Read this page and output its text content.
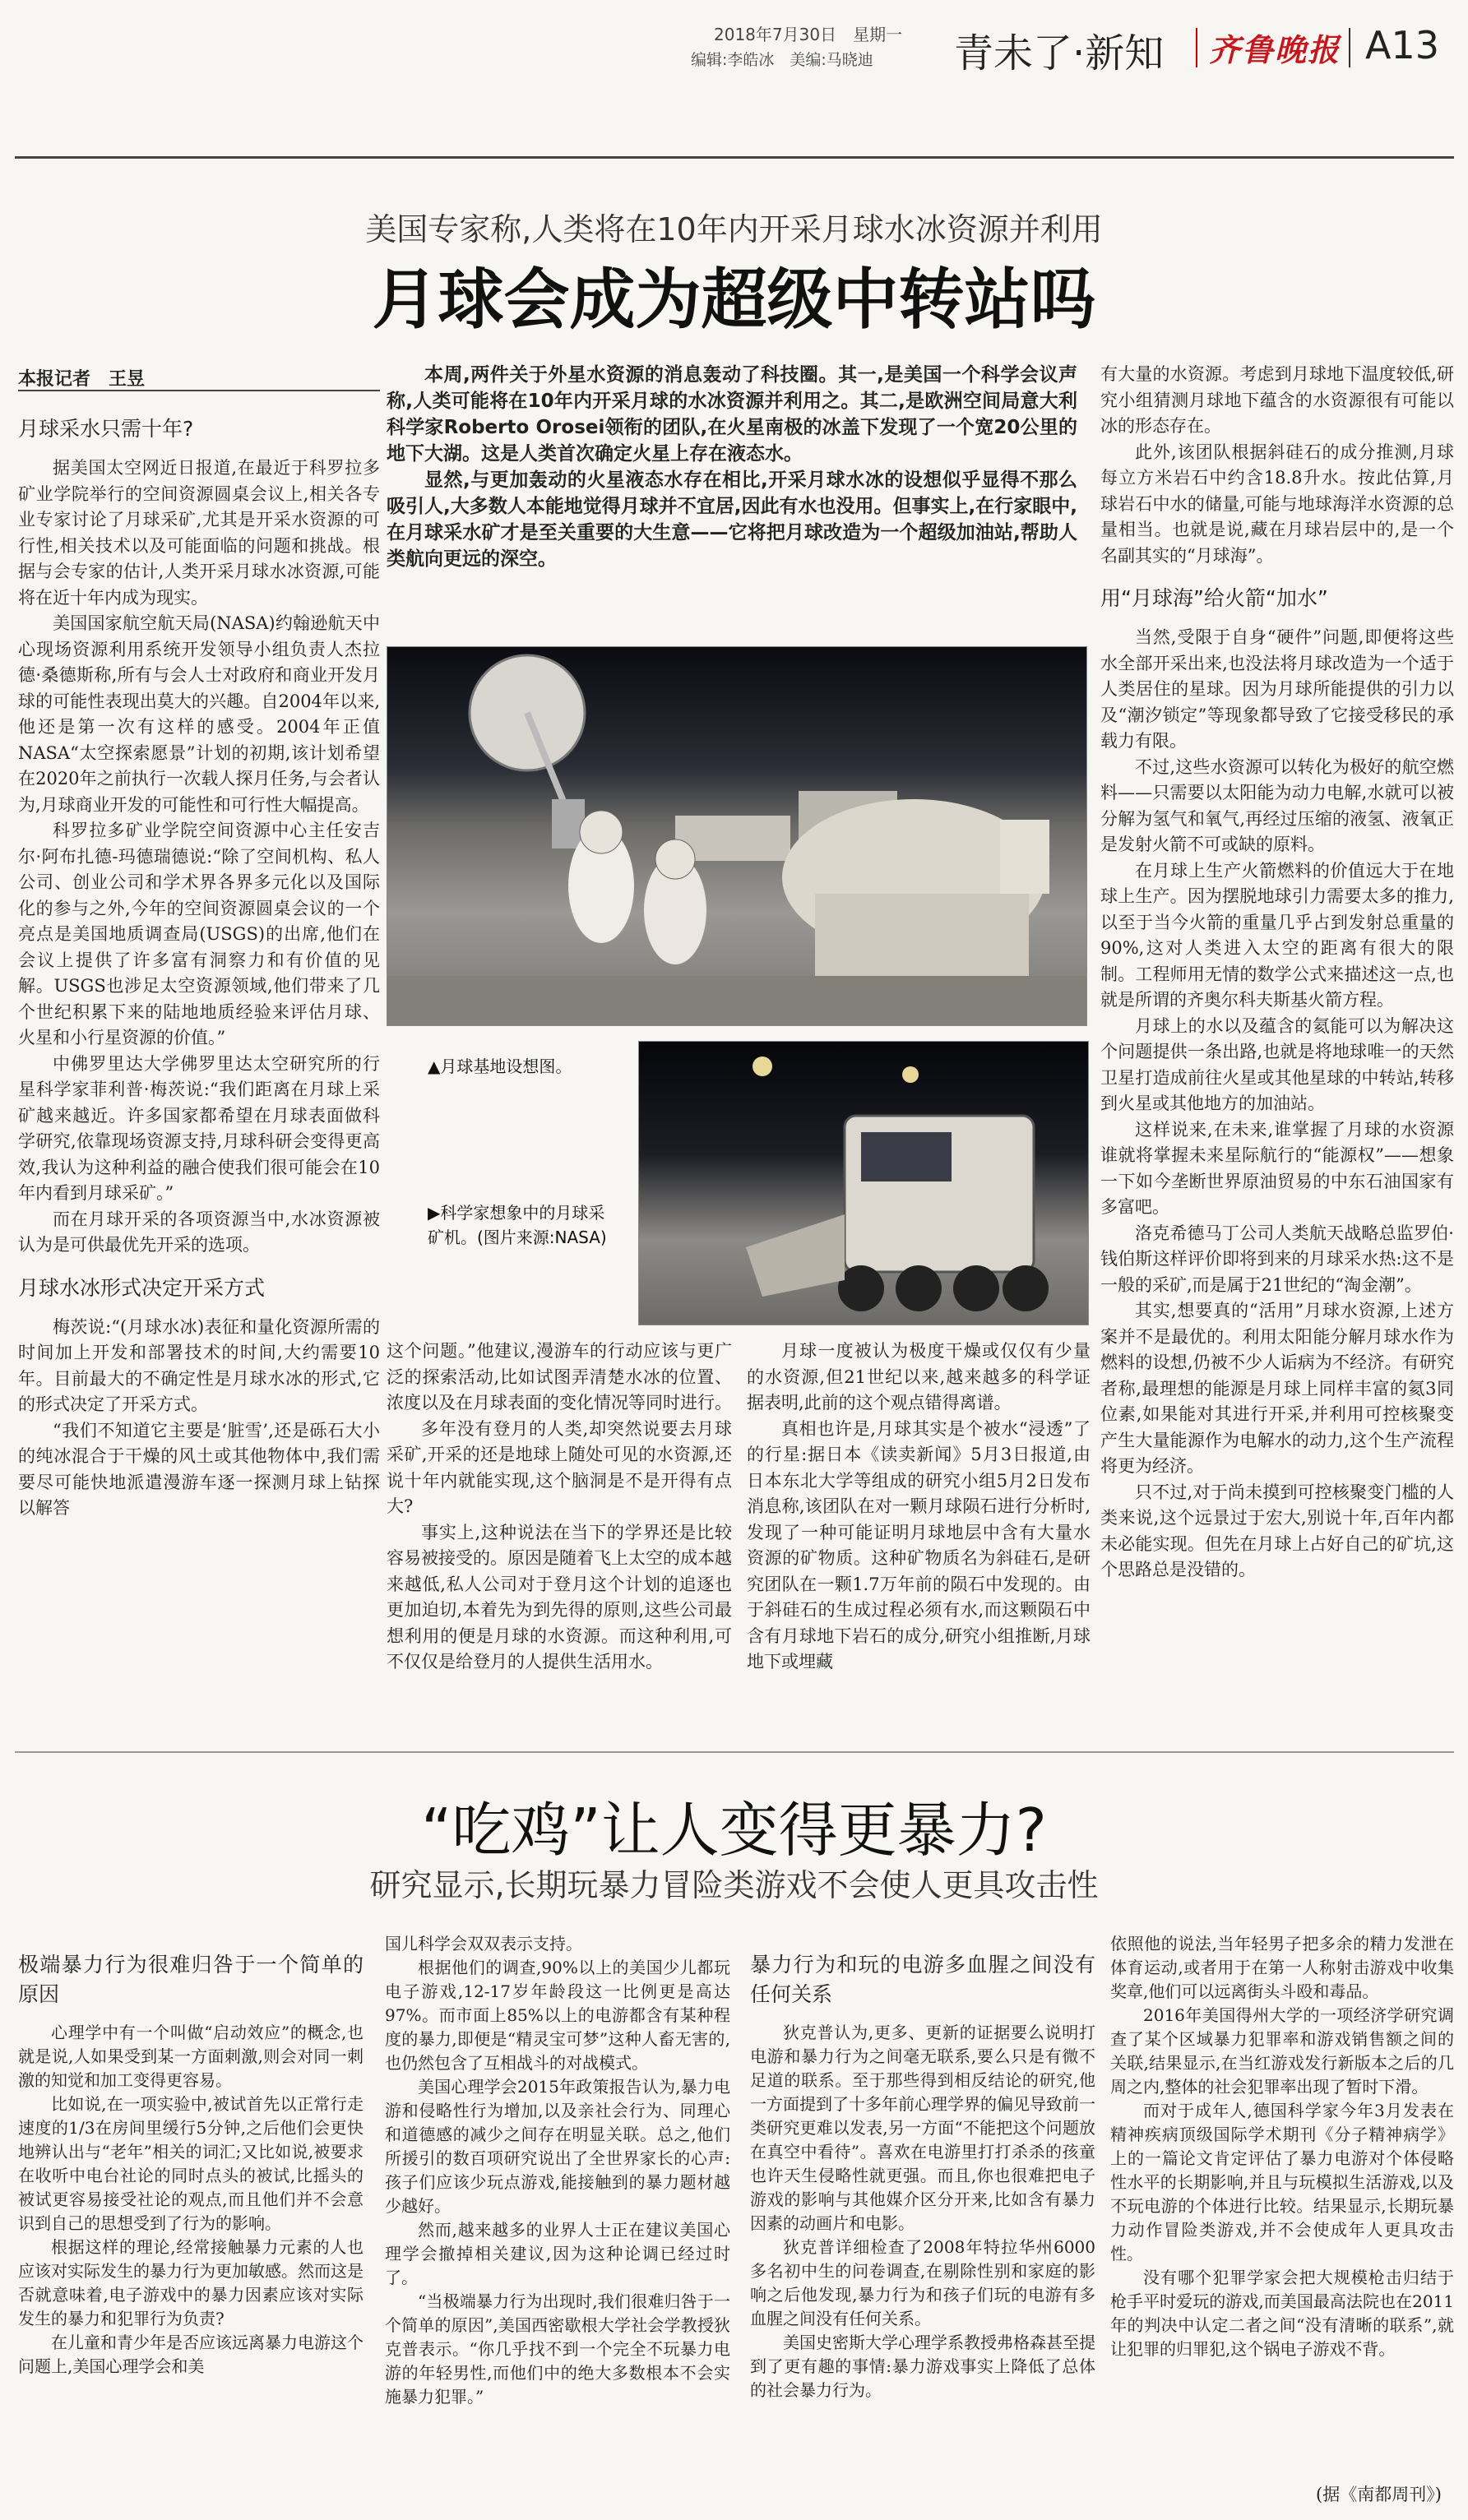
2018年7月30日　星期一
编辑:李皓冰　美编:马晓迪 青未了·新知 齐鲁晚报 A13
美国专家称,人类将在10年内开采月球水冰资源并利用
月球会成为超级中转站吗
本报记者　王昱
月球采水只需十年?

据美国太空网近日报道,在最近于科罗拉多矿业学院举行的空间资源圆桌会议上,相关各专业专家讨论了月球采矿,尤其是开采水资源的可行性,相关技术以及可能面临的问题和挑战。根据与会专家的估计,人类开采月球水冰资源,可能将在近十年内成为现实。

美国国家航空航天局(NASA)约翰逊航天中心现场资源利用系统开发领导小组负责人杰拉德·桑德斯称,所有与会人士对政府和商业开发月球的可能性表现出莫大的兴趣。自2004年以来,他还是第一次有这样的感受。2004年正值NASA“太空探索愿景”计划的初期,该计划希望在2020年之前执行一次载人探月任务,与会者认为,月球商业开发的可能性和可行性大幅提高。

科罗拉多矿业学院空间资源中心主任安吉尔·阿布扎德-玛德瑞德说:“除了空间机构、私人公司、创业公司和学术界各界多元化以及国际化的参与之外,今年的空间资源圆桌会议的一个亮点是美国地质调查局(USGS)的出席,他们在会议上提供了许多富有洞察力和有价值的见解。USGS也涉足太空资源领域,他们带来了几个世纪积累下来的陆地地质经验来评估月球、火星和小行星资源的价值。”

中佛罗里达大学佛罗里达太空研究所的行星科学家菲利普·梅茨说:“我们距离在月球上采矿越来越近。许多国家都希望在月球表面做科学研究,依靠现场资源支持,月球科研会变得更高效,我认为这种利益的融合使我们很可能会在10年内看到月球采矿。”

而在月球开采的各项资源当中,水冰资源被认为是可供最优先开采的选项。

月球水冰形式决定开采方式

梅茨说:“(月球水冰)表征和量化资源所需的时间加上开发和部署技术的时间,大约需要10年。目前最大的不确定性是月球水冰的形式,它的形式决定了开采方式。

“我们不知道它主要是‘脏雪’,还是砾石大小的纯冰混合于干燥的风土或其他物体中,我们需要尽可能快地派遣漫游车逐一探测月球上钻探以解答

本周,两件关于外星水资源的消息轰动了科技圈。其一,是美国一个科学会议声称,人类可能将在10年内开采月球的水冰资源并利用之。其二,是欧洲空间局意大利科学家Roberto Orosei领衔的团队,在火星南极的冰盖下发现了一个宽20公里的地下大湖。这是人类首次确定火星上存在液态水。

显然,与更加轰动的火星液态水存在相比,开采月球水冰的设想似乎显得不那么吸引人,大多数人本能地觉得月球并不宜居,因此有水也没用。但事实上,在行家眼中,在月球采水矿才是至关重要的大生意——它将把月球改造为一个超级加油站,帮助人类航向更远的深空。

▲月球基地设想图。
▶科学家想象中的月球采矿机。(图片来源:NASA)

这个问题。”他建议,漫游车的行动应该与更广泛的探索活动,比如试图弄清楚水冰的位置、浓度以及在月球表面的变化情况等同时进行。

多年没有登月的人类,却突然说要去月球采矿,开采的还是地球上随处可见的水资源,还说十年内就能实现,这个脑洞是不是开得有点大?

事实上,这种说法在当下的学界还是比较容易被接受的。原因是随着飞上太空的成本越来越低,私人公司对于登月这个计划的追逐也更加迫切,本着先为到先得的原则,这些公司最想利用的便是月球的水资源。而这种利用,可不仅仅是给登月的人提供生活用水。

月球一度被认为极度干燥或仅仅有少量的水资源,但21世纪以来,越来越多的科学证据表明,此前的这个观点错得离谱。

真相也许是,月球其实是个被水“浸透”了的行星:据日本《读卖新闻》5月3日报道,由日本东北大学等组成的研究小组5月2日发布消息称,该团队在对一颗月球陨石进行分析时,发现了一种可能证明月球地层中含有大量水资源的矿物质。这种矿物质名为斜硅石,是研究团队在一颗1.7万年前的陨石中发现的。由于斜硅石的生成过程必须有水,而这颗陨石中含有月球地下岩石的成分,研究小组推断,月球地下或埋藏

有大量的水资源。考虑到月球地下温度较低,研究小组猜测月球地下蕴含的水资源很有可能以冰的形态存在。

此外,该团队根据斜硅石的成分推测,月球每立方米岩石中约含18.8升水。按此估算,月球岩石中水的储量,可能与地球海洋水资源的总量相当。也就是说,藏在月球岩层中的,是一个名副其实的“月球海”。

用“月球海”给火箭“加水”

当然,受限于自身“硬件”问题,即便将这些水全部开采出来,也没法将月球改造为一个适于人类居住的星球。因为月球所能提供的引力以及“潮汐锁定”等现象都导致了它接受移民的承载力有限。

不过,这些水资源可以转化为极好的航空燃料——只需要以太阳能为动力电解,水就可以被分解为氢气和氧气,再经过压缩的液氢、液氧正是发射火箭不可或缺的原料。

在月球上生产火箭燃料的价值远大于在地球上生产。因为摆脱地球引力需要太多的推力,以至于当今火箭的重量几乎占到发射总重量的90%,这对人类进入太空的距离有很大的限制。工程师用无情的数学公式来描述这一点,也就是所谓的齐奥尔科夫斯基火箭方程。

月球上的水以及蕴含的氦能可以为解决这个问题提供一条出路,也就是将地球唯一的天然卫星打造成前往火星或其他星球的中转站,转移到火星或其他地方的加油站。

这样说来,在未来,谁掌握了月球的水资源谁就将掌握未来星际航行的“能源权”——想象一下如今垄断世界原油贸易的中东石油国家有多富吧。

洛克希德马丁公司人类航天战略总监罗伯·钱伯斯这样评价即将到来的月球采水热:这不是一般的采矿,而是属于21世纪的“淘金潮”。

其实,想要真的“活用”月球水资源,上述方案并不是最优的。利用太阳能分解月球水作为燃料的设想,仍被不少人诟病为不经济。有研究者称,最理想的能源是月球上同样丰富的氦3同位素,如果能对其进行开采,并利用可控核聚变产生大量能源作为电解水的动力,这个生产流程将更为经济。

只不过,对于尚未摸到可控核聚变门槛的人类来说,这个远景过于宏大,别说十年,百年内都未必能实现。但先在月球上占好自己的矿坑,这个思路总是没错的。

“吃鸡”让人变得更暴力?
研究显示,长期玩暴力冒险类游戏不会使人更具攻击性
极端暴力行为很难归咎于一个简单的原因

心理学中有一个叫做“启动效应”的概念,也就是说,人如果受到某一方面刺激,则会对同一刺激的知觉和加工变得更容易。

比如说,在一项实验中,被试首先以正常行走速度的1/3在房间里缓行5分钟,之后他们会更快地辨认出与“老年”相关的词汇;又比如说,被要求在收听中电台社论的同时点头的被试,比摇头的被试更容易接受社论的观点,而且他们并不会意识到自己的思想受到了行为的影响。

根据这样的理论,经常接触暴力元素的人也应该对实际发生的暴力行为更加敏感。然而这是否就意味着,电子游戏中的暴力因素应该对实际发生的暴力和犯罪行为负责?

在儿童和青少年是否应该远离暴力电游这个问题上,美国心理学会和美

国儿科学会双双表示支持。

根据他们的调查,90%以上的美国少儿都玩电子游戏,12-17岁年龄段这一比例更是高达97%。而市面上85%以上的电游都含有某种程度的暴力,即便是“精灵宝可梦”这种人畜无害的,也仍然包含了互相战斗的对战模式。

美国心理学会2015年政策报告认为,暴力电游和侵略性行为增加,以及亲社会行为、同理心和道德感的减少之间存在明显关联。总之,他们所援引的数百项研究说出了全世界家长的心声:孩子们应该少玩点游戏,能接触到的暴力题材越少越好。

然而,越来越多的业界人士正在建议美国心理学会撤掉相关建议,因为这种论调已经过时了。

“当极端暴力行为出现时,我们很难归咎于一个简单的原因”,美国西密歇根大学社会学教授狄克普表示。“你几乎找不到一个完全不玩暴力电游的年轻男性,而他们中的绝大多数根本不会实施暴力犯罪。”

暴力行为和玩的电游多血腥之间没有任何关系

狄克普认为,更多、更新的证据要么说明打电游和暴力行为之间毫无联系,要么只是有微不足道的联系。至于那些得到相反结论的研究,他一方面提到了十多年前心理学界的偏见导致前一类研究更难以发表,另一方面“不能把这个问题放在真空中看待”。喜欢在电游里打打杀杀的孩童也许天生侵略性就更强。而且,你也很难把电子游戏的影响与其他媒介区分开来,比如含有暴力因素的动画片和电影。

狄克普详细检查了2008年特拉华州6000多名初中生的问卷调查,在剔除性别和家庭的影响之后他发现,暴力行为和孩子们玩的电游有多血腥之间没有任何关系。

美国史密斯大学心理学系教授弗格森甚至提到了更有趣的事情:暴力游戏事实上降低了总体的社会暴力行为。

依照他的说法,当年轻男子把多余的精力发泄在体育运动,或者用于在第一人称射击游戏中收集奖章,他们可以远离街头斗殴和毒品。

2016年美国得州大学的一项经济学研究调查了某个区域暴力犯罪率和游戏销售额之间的关联,结果显示,在当红游戏发行新版本之后的几周之内,整体的社会犯罪率出现了暂时下滑。

而对于成年人,德国科学家今年3月发表在精神疾病顶级国际学术期刊《分子精神病学》上的一篇论文肯定评估了暴力电游对个体侵略性水平的长期影响,并且与玩模拟生活游戏,以及不玩电游的个体进行比较。结果显示,长期玩暴力动作冒险类游戏,并不会使成年人更具攻击性。

没有哪个犯罪学家会把大规模枪击归结于枪手平时爱玩的游戏,而美国最高法院也在2011年的判决中认定二者之间“没有清晰的联系”,就让犯罪的归罪犯,这个锅电子游戏不背。

(据《南都周刊》)
